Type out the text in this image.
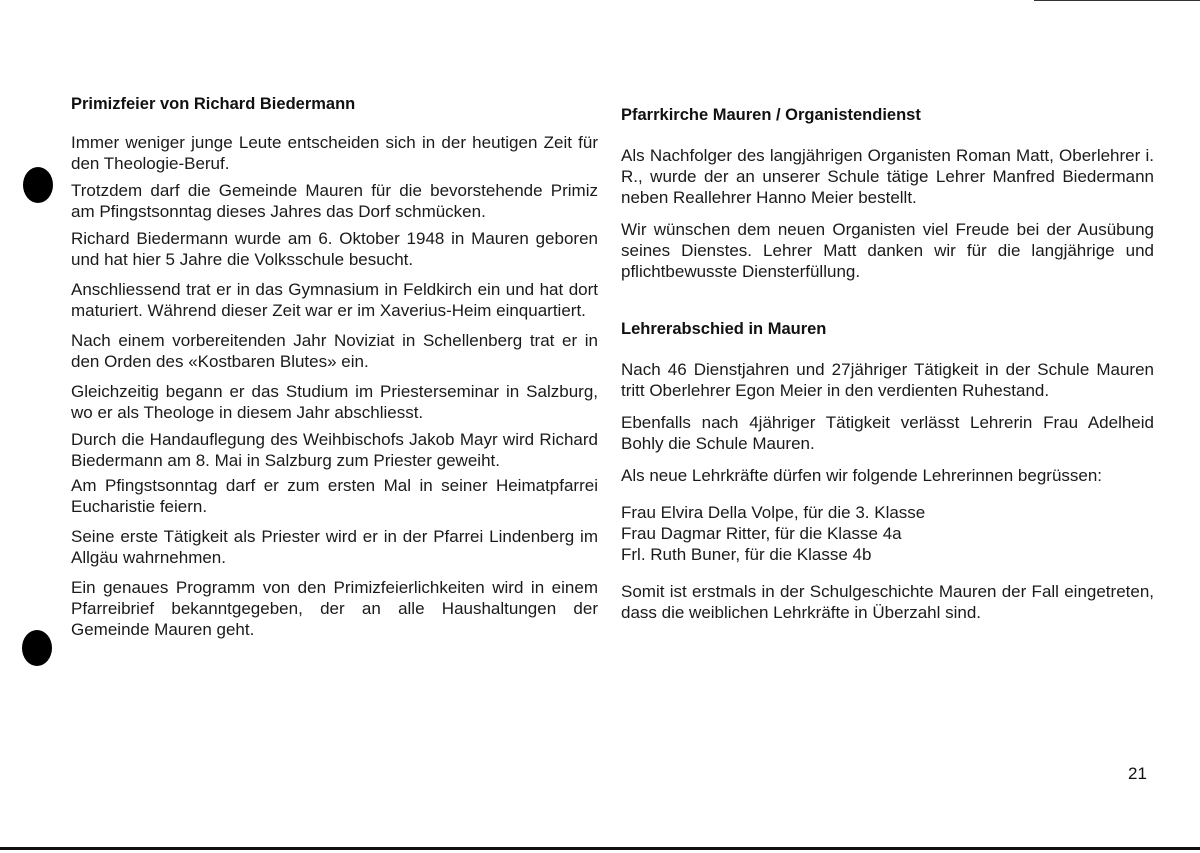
Primizfeier von Richard Biedermann

Immer weniger junge Leute entscheiden sich in der heutigen Zeit für den Theologie-Beruf.

Trotzdem darf die Gemeinde Mauren für die bevorstehende Primiz am Pfingstsonntag dieses Jahres das Dorf schmücken.

Richard Biedermann wurde am 6. Oktober 1948 in Mauren geboren und hat hier 5 Jahre die Volksschule besucht.

Anschliessend trat er in das Gymnasium in Feldkirch ein und hat dort maturiert. Während dieser Zeit war er im Xaverius-Heim einquartiert.

Nach einem vorbereitenden Jahr Noviziat in Schellenberg trat er in den Orden des «Kostbaren Blutes» ein.

Gleichzeitig begann er das Studium im Priesterseminar in Salzburg, wo er als Theologe in diesem Jahr abschliesst.

Durch die Handauflegung des Weihbischofs Jakob Mayr wird Richard Biedermann am 8. Mai in Salzburg zum Priester geweiht.

Am Pfingstsonntag darf er zum ersten Mal in seiner Heimatpfarrei Eucharistie feiern.

Seine erste Tätigkeit als Priester wird er in der Pfarrei Lindenberg im Allgäu wahrnehmen.

Ein genaues Programm von den Primizfeierlichkeiten wird in einem Pfarreibrief bekanntgegeben, der an alle Haushaltungen der Gemeinde Mauren geht.

Pfarrkirche Mauren / Organistendienst

Als Nachfolger des langjährigen Organisten Roman Matt, Oberlehrer i. R., wurde der an unserer Schule tätige Lehrer Manfred Biedermann neben Reallehrer Hanno Meier bestellt.

Wir wünschen dem neuen Organisten viel Freude bei der Ausübung seines Dienstes. Lehrer Matt danken wir für die langjährige und pflichtbewusste Diensterfüllung.

Lehrerabschied in Mauren

Nach 46 Dienstjahren und 27jähriger Tätigkeit in der Schule Mauren tritt Oberlehrer Egon Meier in den verdienten Ruhestand.

Ebenfalls nach 4jähriger Tätigkeit verlässt Lehrerin Frau Adelheid Bohly die Schule Mauren.

Als neue Lehrkräfte dürfen wir folgende Lehrerinnen begrüssen:

Frau Elvira Della Volpe, für die 3. Klasse
Frau Dagmar Ritter, für die Klasse 4a
Frl. Ruth Buner, für die Klasse 4b

Somit ist erstmals in der Schulgeschichte Mauren der Fall eingetreten, dass die weiblichen Lehrkräfte in Überzahl sind.

21
